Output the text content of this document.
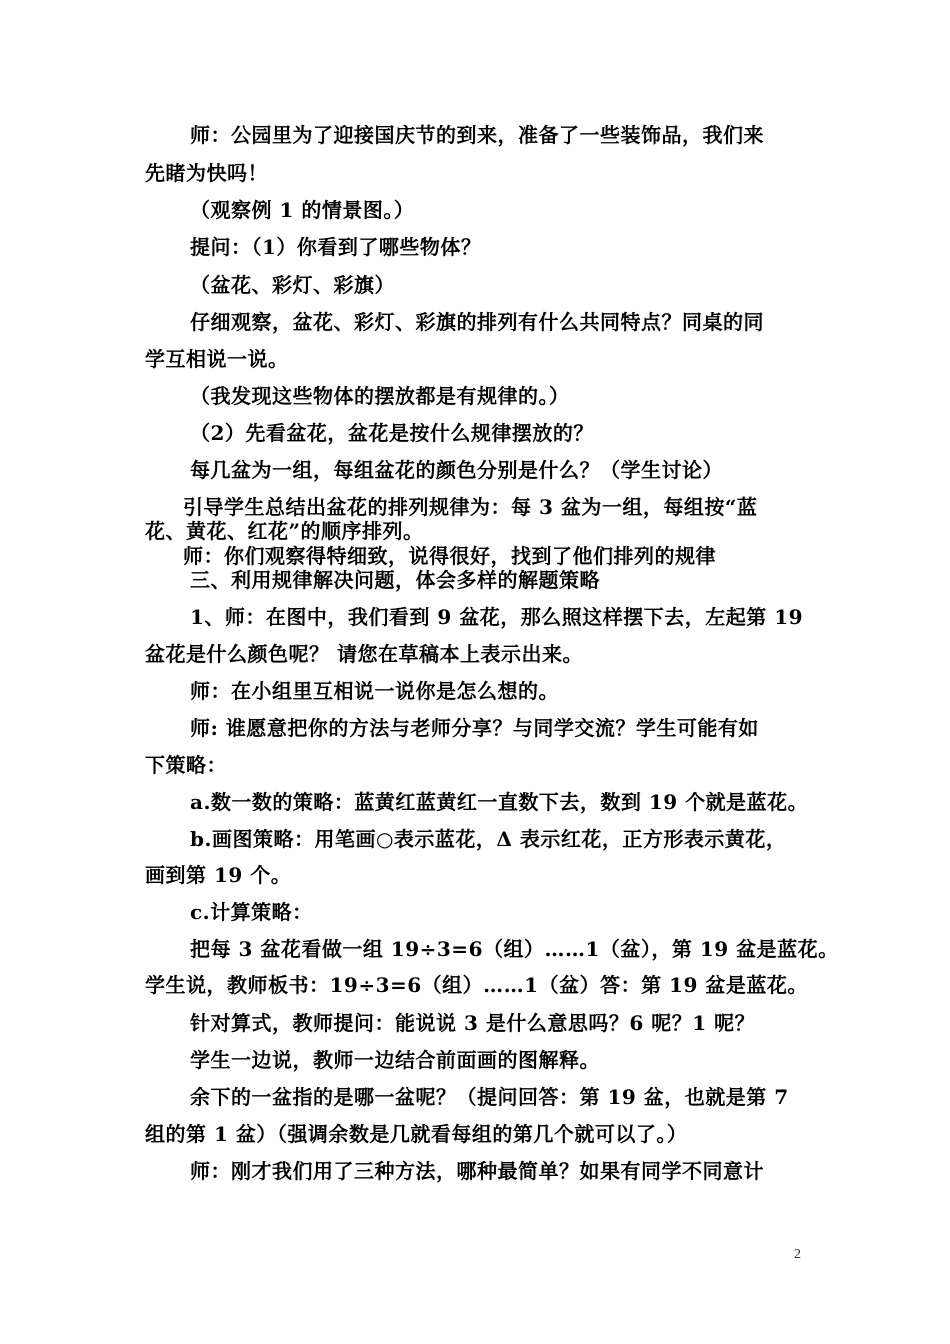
师：公园里为了迎接国庆节的到来，准备了一些装饰品，我们来
先睹为快吗！
（观察例 1 的情景图。）
提问：（1）你看到了哪些物体？
（盆花、彩灯、彩旗）
仔细观察，盆花、彩灯、彩旗的排列有什么共同特点？同桌的同
学互相说一说。
（我发现这些物体的摆放都是有规律的。）
（2）先看盆花，盆花是按什么规律摆放的？
每几盆为一组，每组盆花的颜色分别是什么？（学生讨论）
引导学生总结出盆花的排列规律为：每 3 盆为一组，每组按“蓝
花、黄花、红花”的顺序排列。
师：你们观察得特细致，说得很好，找到了他们排列的规律
三、利用规律解决问题，体会多样的解题策略
1、师：在图中，我们看到 9 盆花，那么照这样摆下去，左起第 19
盆花是什么颜色呢？ 请您在草稿本上表示出来。
师：在小组里互相说一说你是怎么想的。
师: 谁愿意把你的方法与老师分享？与同学交流？学生可能有如
下策略：
a.数一数的策略：蓝黄红蓝黄红一直数下去，数到 19 个就是蓝花。
b.画图策略：用笔画○表示蓝花，Δ 表示红花，正方形表示黄花，
画到第 19 个。
c.计算策略：
把每 3 盆花看做一组 19÷3=6（组）……1（盆），第 19 盆是蓝花。
学生说，教师板书：19÷3=6（组）……1（盆）答：第 19 盆是蓝花。
针对算式，教师提问：能说说 3 是什么意思吗？6 呢？1 呢？
学生一边说，教师一边结合前面画的图解释。
余下的一盆指的是哪一盆呢？（提问回答：第 19 盆，也就是第 7
组的第 1 盆）（强调余数是几就看每组的第几个就可以了。）
师：刚才我们用了三种方法，哪种最简单？如果有同学不同意计
2
